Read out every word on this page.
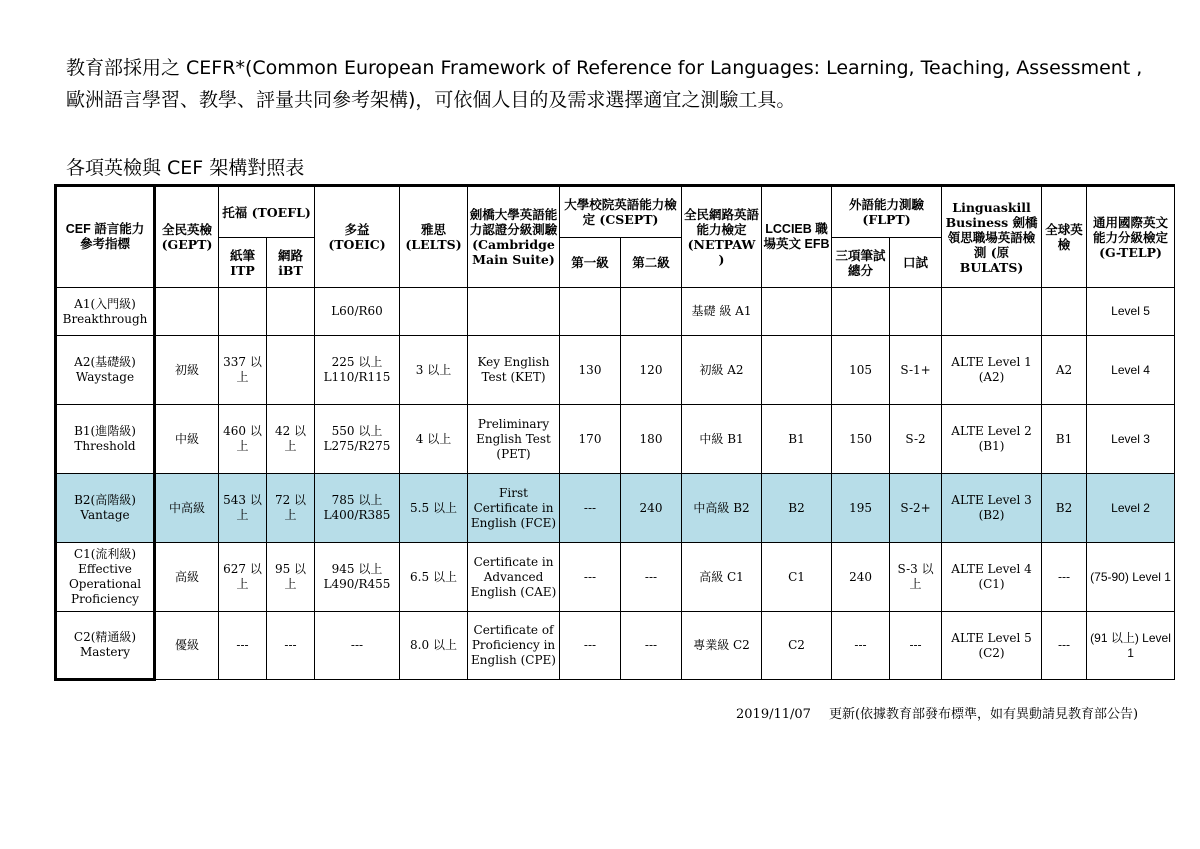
教育部採用之 CEFR*(Common European Framework of Reference for Languages: Learning, Teaching, Assessment ,
歐洲語言學習、教學、評量共同參考架構)，可依個人目的及需求選擇適宜之測驗工具。
各項英檢與 CEF 架構對照表
CEF 語言能力 參考指標	全民英檢 (GEPT)	托福 (TOEFL)		多益 (TOEIC)	雅思 (LELTS)	劍橋大學英語能力認證分級測驗 (Cambridge Main Suite)	大學校院英語能力檢定 (CSEPT)		全民網路英語能力檢定 (NETPAW )	LCCIEB 職場英文 EFB	外語能力測驗 (FLPT)		Linguaskill Business 劍橋領思職場英語檢測 (原 BULATS)	全球英檢	通用國際英文能力分級檢定 (G-TELP)
		紙筆 ITP	網路 iBT				第一級	第二級			三項筆試總分	口試			
A1(入門級) Breakthrough				L60/R60					基礎 級 A1						Level 5
A2(基礎級) Waystage	初級	337 以上		225 以上 L110/R115	3 以上	Key English Test (KET)	130	120	初級 A2		105	S-1+	ALTE Level 1 (A2)	A2	Level 4
B1(進階級) Threshold	中級	460 以上	42 以 上	550 以上 L275/R275	4 以上	Preliminary English Test (PET)	170	180	中級 B1	B1	150	S-2	ALTE Level 2 (B1)	B1	Level 3
B2(高階級) Vantage	中高級	543 以上	72 以 上	785 以上 L400/R385	5.5 以上	First Certificate in English (FCE)	---	240	中高級 B2	B2	195	S-2+	ALTE Level 3 (B2)	B2	Level 2
C1(流利級) Effective Operational Proficiency	高級	627 以上	95 以 上	945 以上 L490/R455	6.5 以上	Certificate in Advanced English (CAE)	---	---	高級 C1	C1	240	S-3 以 上	ALTE Level 4 (C1)	---	(75-90) Level 1
C2(精通級) Mastery	優級	---	---	---	8.0 以上	Certificate of Proficiency in English (CPE)	---	---	專業級 C2	C2	---	---	ALTE Level 5 (C2)	---	(91 以上) Level 1
2019/11/07 更新(依據教育部發布標準，如有異動請見教育部公告)
